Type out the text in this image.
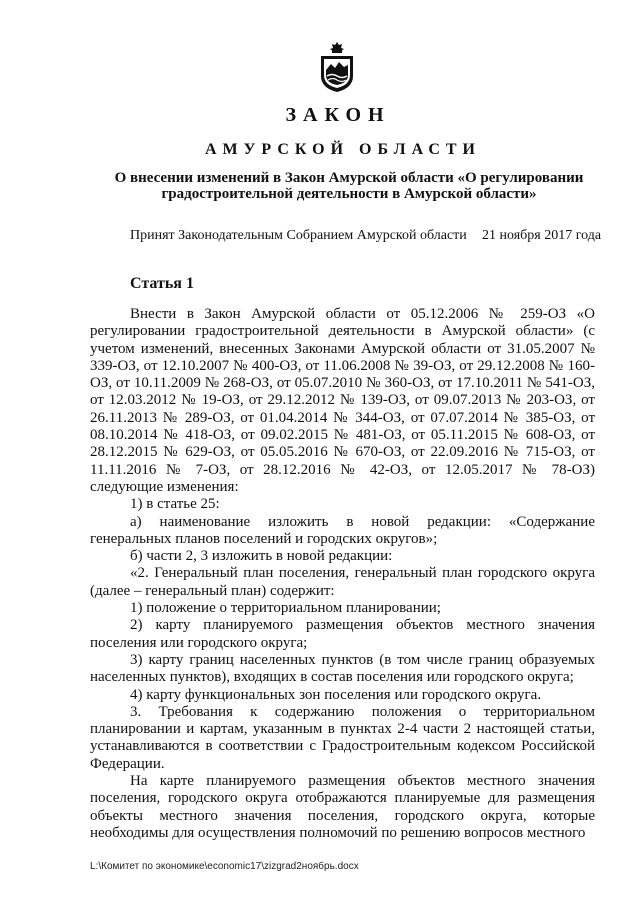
ЗАКОН
АМУРСКОЙ ОБЛАСТИ
О внесении изменений в Закон Амурской области «О регулировании градостроительной деятельности в Амурской области»
Принят Законодательным Собранием Амурской области 21 ноября 2017 года
Статья 1

Внести в Закон Амурской области от 05.12.2006 № 259-ОЗ «О регулировании градостроительной деятельности в Амурской области» (с учетом изменений, внесенных Законами Амурской области от 31.05.2007 № 339-ОЗ, от 12.10.2007 № 400-ОЗ, от 11.06.2008 № 39-ОЗ, от 29.12.2008 № 160-ОЗ, от 10.11.2009 № 268-ОЗ, от 05.07.2010 № 360-ОЗ, от 17.10.2011 № 541-ОЗ, от 12.03.2012 № 19-ОЗ, от 29.12.2012 № 139-ОЗ, от 09.07.2013 № 203-ОЗ, от 26.11.2013 № 289-ОЗ, от 01.04.2014 № 344-ОЗ, от 07.07.2014 № 385-ОЗ, от 08.10.2014 № 418-ОЗ, от 09.02.2015 № 481-ОЗ, от 05.11.2015 № 608-ОЗ, от 28.12.2015 № 629-ОЗ, от 05.05.2016 № 670-ОЗ, от 22.09.2016 № 715-ОЗ, от 11.11.2016 № 7-ОЗ, от 28.12.2016 № 42-ОЗ, от 12.05.2017 № 78-ОЗ) следующие изменения:

1) в статье 25:

а) наименование изложить в новой редакции: «Содержание генеральных планов поселений и городских округов»;

б) части 2, 3 изложить в новой редакции:

«2. Генеральный план поселения, генеральный план городского округа (далее – генеральный план) содержит:

1) положение о территориальном планировании;

2) карту планируемого размещения объектов местного значения поселения или городского округа;

3) карту границ населенных пунктов (в том числе границ образуемых населенных пунктов), входящих в состав поселения или городского округа;

4) карту функциональных зон поселения или городского округа.

3. Требования к содержанию положения о территориальном планировании и картам, указанным в пунктах 2-4 части 2 настоящей статьи, устанавливаются в соответствии с Градостроительным кодексом Российской Федерации.

На карте планируемого размещения объектов местного значения поселения, городского округа отображаются планируемые для размещения объекты местного значения поселения, городского округа, которые необходимы для осуществления полномочий по решению вопросов местного

L:\Комитет по экономике\economic17\zizgrad2ноябрь.docx
